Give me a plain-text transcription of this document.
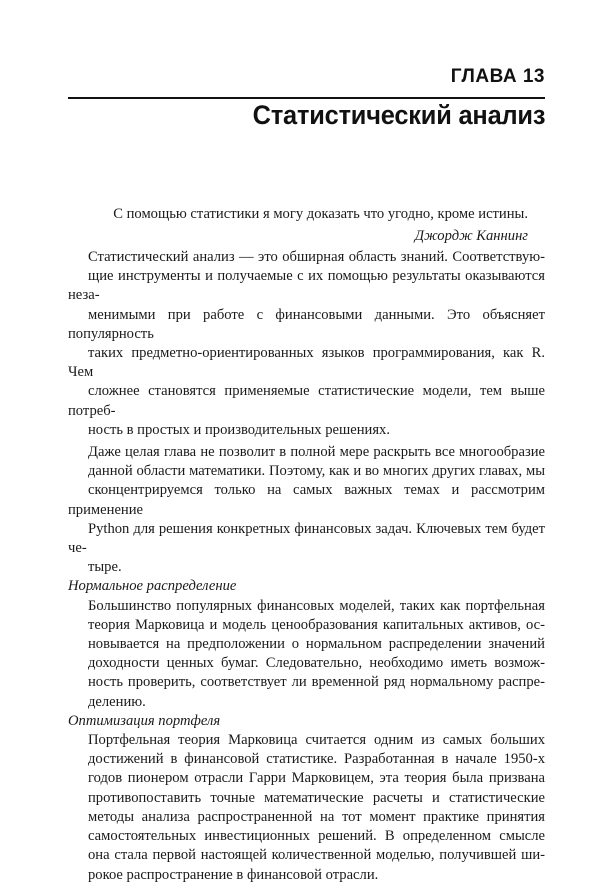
ГЛАВА 13
Статистический анализ
С помощью статистики я могу доказать что угодно, кроме истины.
Джордж Каннинг

Статистический анализ — это обширная область знаний. Соответствую-
щие инструменты и получаемые с их помощью результаты оказываются неза-
менимыми при работе с финансовыми данными. Это объясняет популярность
таких предметно-ориентированных языков программирования, как R. Чем
сложнее становятся применяемые статистические модели, тем выше потреб-
ность в простых и производительных решениях.

Даже целая глава не позволит в полной мере раскрыть все многообразие
данной области математики. Поэтому, как и во многих других главах, мы
сконцентрируемся только на самых важных темах и рассмотрим применение
Python для решения конкретных финансовых задач. Ключевых тем будет че-
тыре.

Нормальное распределение

Большинство популярных финансовых моделей, таких как портфельная
теория Марковица и модель ценообразования капитальных активов, ос-
новывается на предположении о нормальном распределении значений
доходности ценных бумаг. Следовательно, необходимо иметь возмож-
ность проверить, соответствует ли временной ряд нормальному распре-
делению.

Оптимизация портфеля

Портфельная теория Марковица считается одним из самых больших
достижений в финансовой статистике. Разработанная в начале 1950-х
годов пионером отрасли Гарри Марковицем, эта теория была призвана
противопоставить точные математические расчеты и статистические
методы анализа распространенной на тот момент практике принятия
самостоятельных инвестиционных решений. В определенном смысле
она стала первой настоящей количественной моделью, получившей ши-
рокое распространение в финансовой отрасли.
